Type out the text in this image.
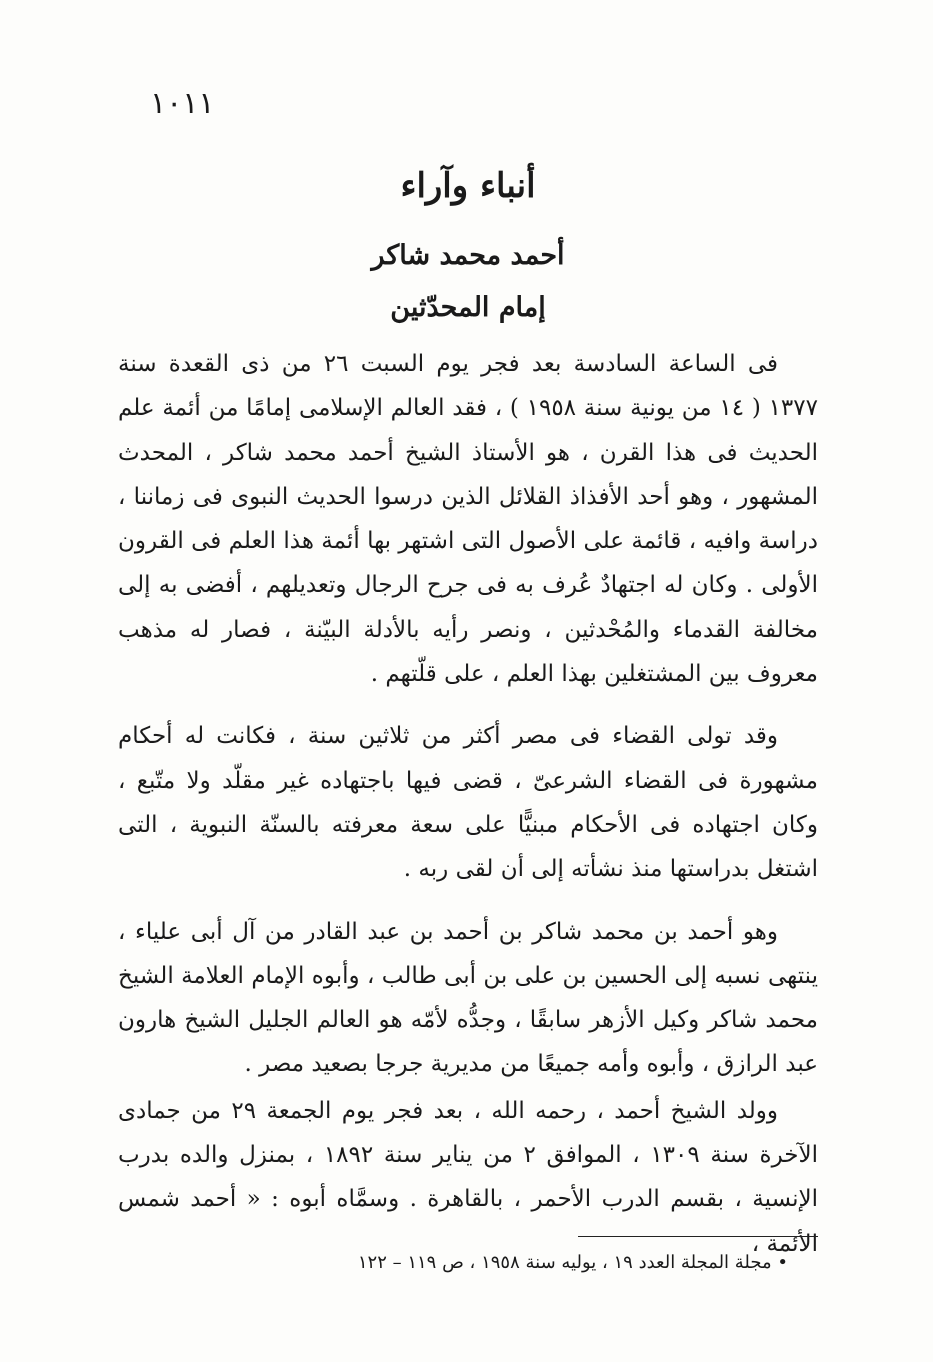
١٠١١
أنباء وآراء
أحمد محمد شاكر
إمام المحدّثين

فى الساعة السادسة بعد فجر يوم السبت ٢٦ من ذى القعدة سنة ١٣٧٧ ( ١٤ من يونية سنة ١٩٥٨ ) ، فقد العالم الإسلامى إمامًا من أئمة علم الحديث فى هذا القرن ، هو الأستاذ الشيخ أحمد محمد شاكر ، المحدث المشهور ، وهو أحد الأفذاذ القلائل الذين درسوا الحديث النبوى فى زماننا ، دراسة وافيه ، قائمة على الأصول التى اشتهر بها أئمة هذا العلم فى القرون الأولى . وكان له اجتهادٌ عُرف به فى جرح الرجال وتعديلهم ، أفضى به إلى مخالفة القدماء والمُحْدثين ، ونصر رأيه بالأدلة البيّنة ، فصار له مذهب معروف بين المشتغلين بهذا العلم ، على قلّتهم .

وقد تولى القضاء فى مصر أكثر من ثلاثين سنة ، فكانت له أحكام مشهورة فى القضاء الشرعىّ ، قضى فيها باجتهاده غير مقلّد ولا متّبع ، وكان اجتهاده فى الأحكام مبنيًّا على سعة معرفته بالسنّة النبوية ، التى اشتغل بدراستها منذ نشأته إلى أن لقى ربه .

وهو أحمد بن محمد شاكر بن أحمد بن عبد القادر من آل أبى علياء ، ينتهى نسبه إلى الحسين بن على بن أبى طالب ، وأبوه الإمام العلامة الشيخ محمد شاكر وكيل الأزهر سابقًا ، وجدُّه لأمّه هو العالم الجليل الشيخ هارون عبد الرازق ، وأبوه وأمه جميعًا من مديرية جرجا بصعيد مصر .

وولد الشيخ أحمد ، رحمه الله ، بعد فجر يوم الجمعة ٢٩ من جمادى الآخرة سنة ١٣٠٩ ، الموافق ٢ من يناير سنة ١٨٩٢ ، بمنزل والده بدرب الإنسية ، بقسم الدرب الأحمر ، بالقاهرة . وسمَّاه أبوه : « أحمد شمس الأئمة ،

• مجلة المجلة العدد ١٩ ، يوليه سنة ١٩٥٨ ، ص ١١٩ – ١٢٢
